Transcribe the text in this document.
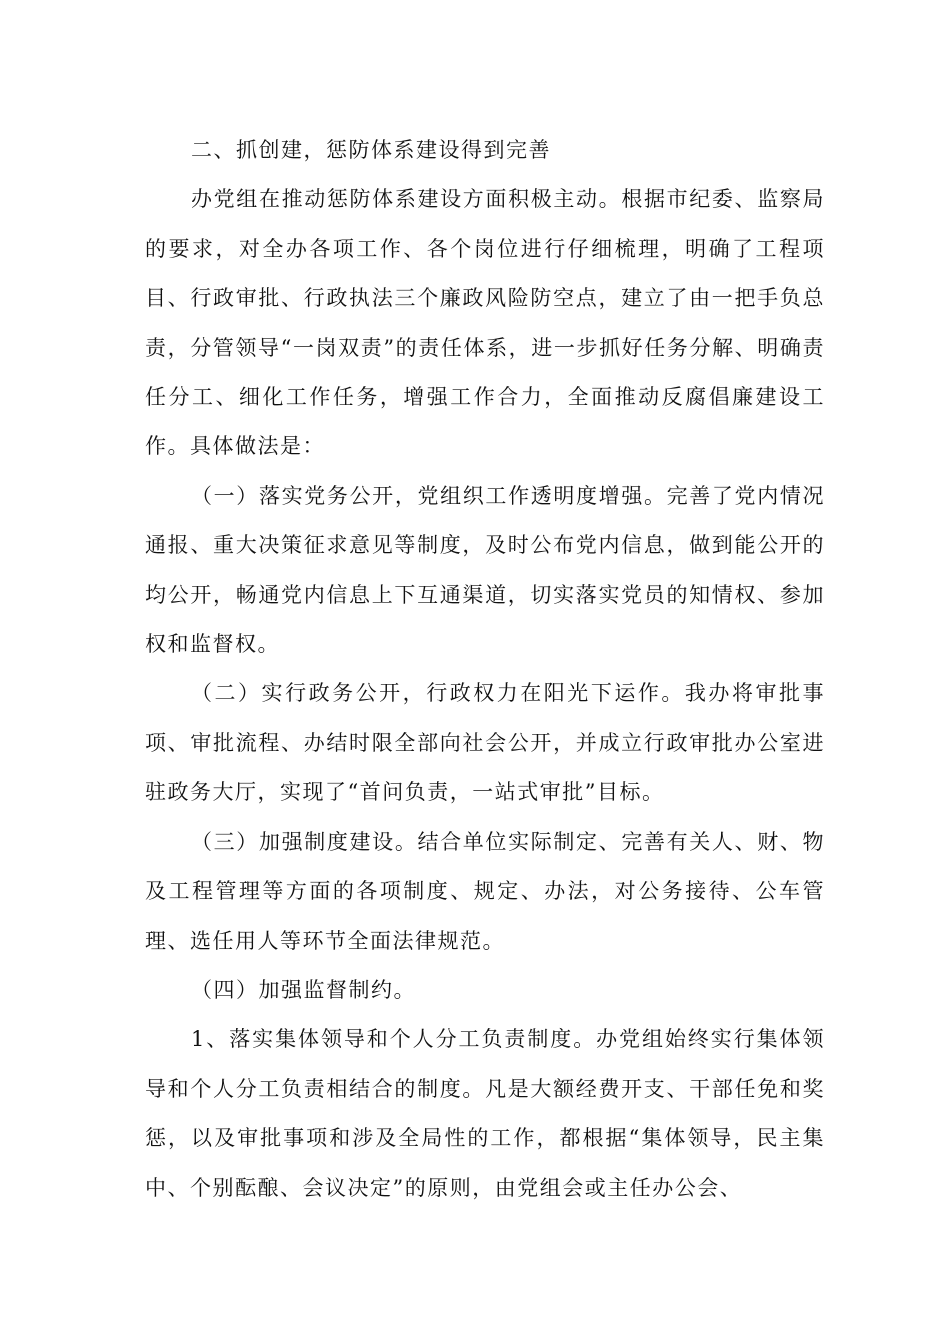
二、抓创建，惩防体系建设得到完善

办党组在推动惩防体系建设方面积极主动。根据市纪委、监察局的要求，对全办各项工作、各个岗位进行仔细梳理，明确了工程项目、行政审批、行政执法三个廉政风险防空点，建立了由一把手负总责，分管领导“一岗双责”的责任体系，进一步抓好任务分解、明确责任分工、细化工作任务，增强工作合力，全面推动反腐倡廉建设工作。具体做法是：

（一）落实党务公开，党组织工作透明度增强。完善了党内情况通报、重大决策征求意见等制度，及时公布党内信息，做到能公开的均公开，畅通党内信息上下互通渠道，切实落实党员的知情权、参加权和监督权。

（二）实行政务公开，行政权力在阳光下运作。我办将审批事项、审批流程、办结时限全部向社会公开，并成立行政审批办公室进驻政务大厅，实现了“首问负责，一站式审批”目标。

（三）加强制度建设。结合单位实际制定、完善有关人、财、物及工程管理等方面的各项制度、规定、办法，对公务接待、公车管理、选任用人等环节全面法律规范。

（四）加强监督制约。

1、落实集体领导和个人分工负责制度。办党组始终实行集体领导和个人分工负责相结合的制度。凡是大额经费开支、干部任免和奖惩，以及审批事项和涉及全局性的工作，都根据“集体领导，民主集中、个别酝酿、会议决定”的原则，由党组会或主任办公会、
